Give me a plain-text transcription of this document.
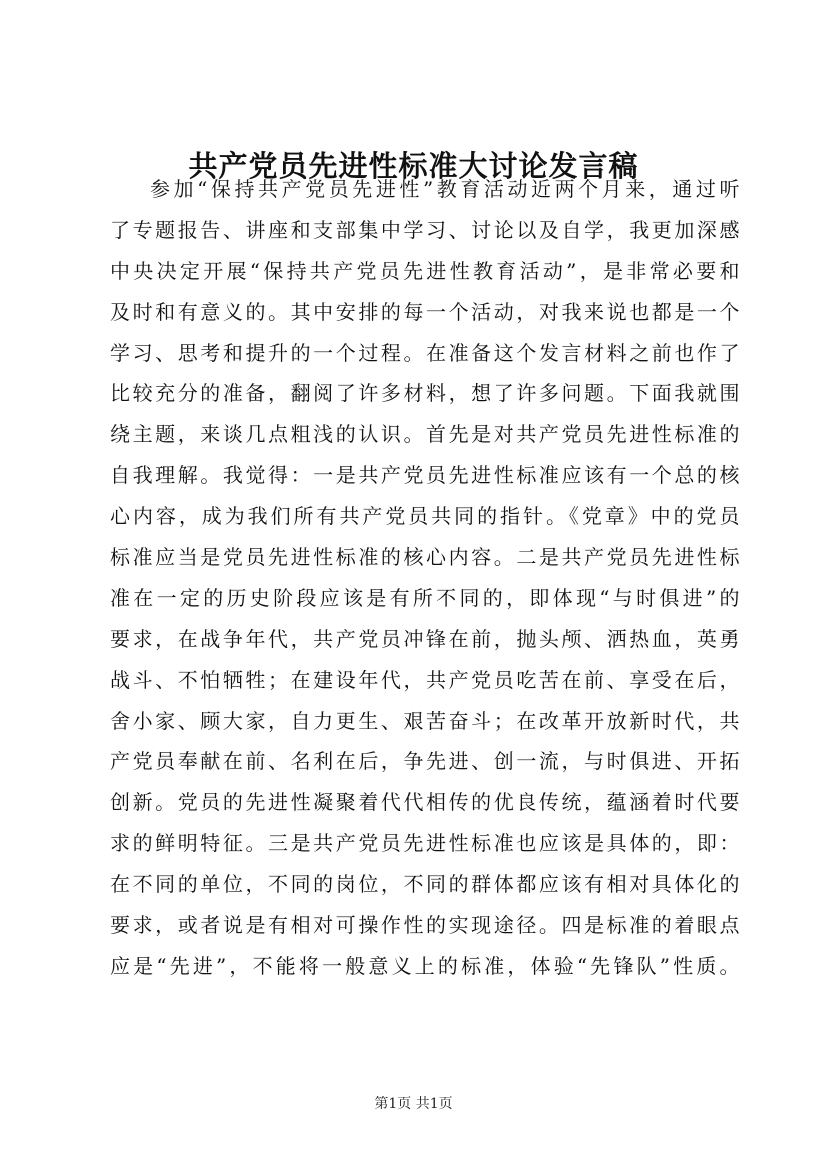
共产党员先进性标准大讨论发言稿
参加“保持共产党员先进性”教育活动近两个月来，通过听
了专题报告、讲座和支部集中学习、讨论以及自学，我更加深感
中央决定开展“保持共产党员先进性教育活动”，是非常必要和
及时和有意义的。其中安排的每一个活动，对我来说也都是一个
学习、思考和提升的一个过程。在准备这个发言材料之前也作了
比较充分的准备，翻阅了许多材料，想了许多问题。下面我就围
绕主题，来谈几点粗浅的认识。首先是对共产党员先进性标准的
自我理解。我觉得：一是共产党员先进性标准应该有一个总的核
心内容，成为我们所有共产党员共同的指针。《党章》中的党员
标准应当是党员先进性标准的核心内容。二是共产党员先进性标
准在一定的历史阶段应该是有所不同的，即体现“与时俱进”的
要求，在战争年代，共产党员冲锋在前，抛头颅、洒热血，英勇
战斗、不怕牺牲；在建设年代，共产党员吃苦在前、享受在后，
舍小家、顾大家，自力更生、艰苦奋斗；在改革开放新时代，共
产党员奉献在前、名利在后，争先进、创一流，与时俱进、开拓
创新。党员的先进性凝聚着代代相传的优良传统，蕴涵着时代要
求的鲜明特征。三是共产党员先进性标准也应该是具体的，即：
在不同的单位，不同的岗位，不同的群体都应该有相对具体化的
要求，或者说是有相对可操作性的实现途径。四是标准的着眼点
应是“先进”，不能将一般意义上的标准，体验“先锋队”性质。
第1页 共1页
